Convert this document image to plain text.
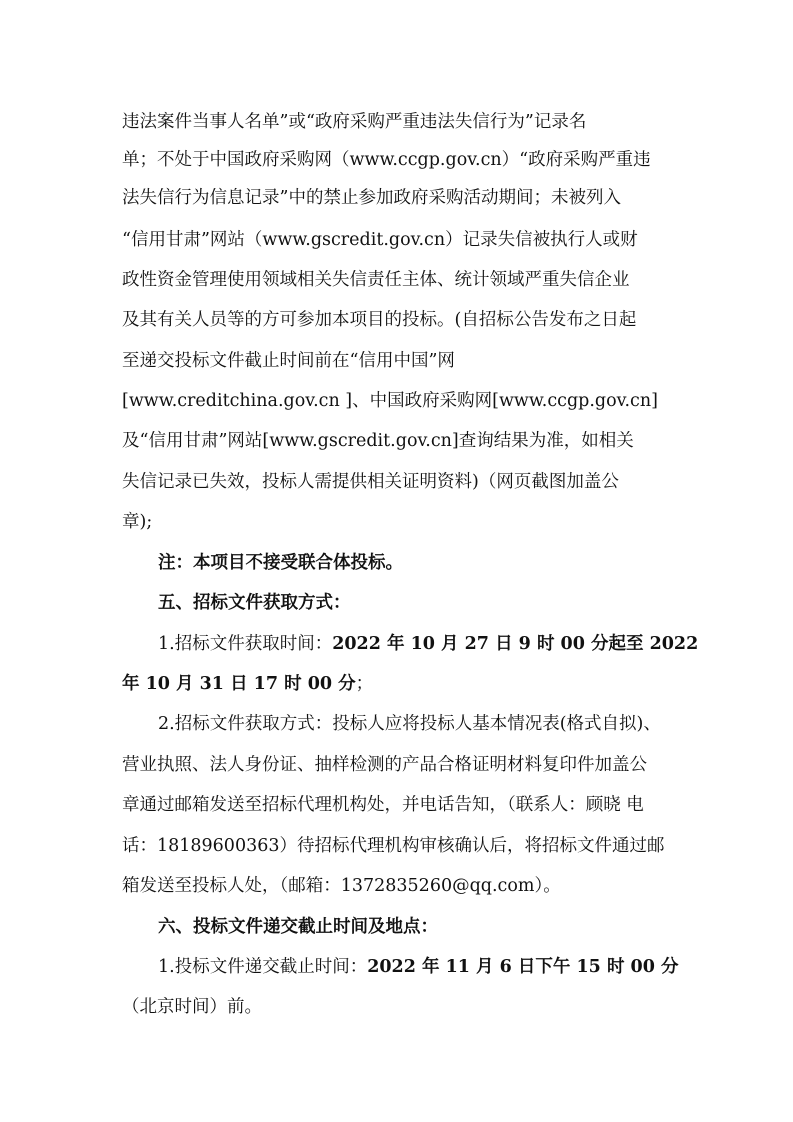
违法案件当事人名单”或“政府采购严重违法失信行为”记录名
单；不处于中国政府采购网（www.ccgp.gov.cn）“政府采购严重违
法失信行为信息记录”中的禁止参加政府采购活动期间；未被列入
“信用甘肃”网站（www.gscredit.gov.cn）记录失信被执行人或财
政性资金管理使用领域相关失信责任主体、统计领域严重失信企业
及其有关人员等的方可参加本项目的投标。(自招标公告发布之日起
至递交投标文件截止时间前在“信用中国”网
[www.creditchina.gov.cn ]、中国政府采购网[www.ccgp.gov.cn]
及“信用甘肃”网站[www.gscredit.gov.cn]查询结果为准，如相关
失信记录已失效，投标人需提供相关证明资料)（网页截图加盖公
章);
注：本项目不接受联合体投标。
五、招标文件获取方式：
1.招标文件获取时间：2022 年 10 月 27 日 9 时 00 分起至 2022
年 10 月 31 日 17 时 00 分；
2.招标文件获取方式：投标人应将投标人基本情况表(格式自拟)、
营业执照、法人身份证、抽样检测的产品合格证明材料复印件加盖公
章通过邮箱发送至招标代理机构处，并电话告知，（联系人：顾晓 电
话：18189600363）待招标代理机构审核确认后，将招标文件通过邮
箱发送至投标人处，（邮箱：1372835260@qq.com）。
六、投标文件递交截止时间及地点：
1.投标文件递交截止时间：2022 年 11 月 6 日下午 15 时 00 分
（北京时间）前。
